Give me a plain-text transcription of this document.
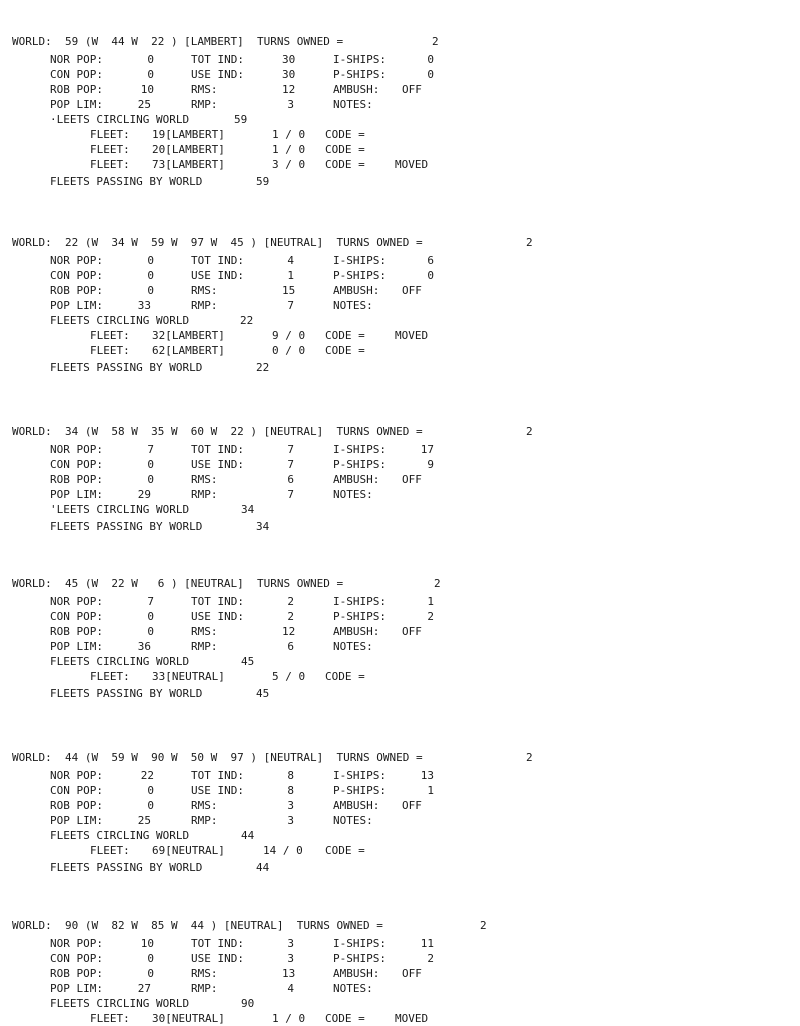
WORLD:  59 (W  44 W  22 ) [LAMBERT]  TURNS OWNED =	2
NOR POP:	0	TOT IND:	30	I-SHIPS:	0
CON POP:	0	USE IND:	30	P-SHIPS:	0
ROB POP:	10	RMS:	12	AMBUSH: OFF
POP LIM:	25	RMP:	3	NOTES:
·LEETS CIRCLING WORLD	59
FLEET: 19[LAMBERT]	1 / 0 CODE =
FLEET: 20[LAMBERT]	1 / 0 CODE =
FLEET: 73[LAMBERT]	3 / 0 CODE =	MOVED
FLEETS PASSING BY WORLD	59
WORLD:  22 (W  34 W  59 W  97 W  45 ) [NEUTRAL]  TURNS OWNED =	2
NOR POP:	0	TOT IND:	4	I-SHIPS:	6
CON POP:	0	USE IND:	1	P-SHIPS:	0
ROB POP:	0	RMS:	15	AMBUSH: OFF
POP LIM:	33	RMP:	7	NOTES:
FLEETS CIRCLING WORLD	22
FLEET: 32[LAMBERT]	9 / 0 CODE =	MOVED
FLEET: 62[LAMBERT]	0 / 0 CODE =
FLEETS PASSING BY WORLD	22
WORLD:  34 (W  58 W  35 W  60 W  22 ) [NEUTRAL]  TURNS OWNED =	2
NOR POP:	7	TOT IND:	7	I-SHIPS:	17
CON POP:	0	USE IND:	7	P-SHIPS:	9
ROB POP:	0	RMS:	6	AMBUSH: OFF
POP LIM:	29	RMP:	7	NOTES:
'LEETS CIRCLING WORLD	34
FLEETS PASSING BY WORLD	34
WORLD:  45 (W  22 W   6 ) [NEUTRAL]  TURNS OWNED =	2
NOR POP:	7	TOT IND:	2	I-SHIPS:	1
CON POP:	0	USE IND:	2	P-SHIPS:	2
ROB POP:	0	RMS:	12	AMBUSH: OFF
POP LIM:	36	RMP:	6	NOTES:
FLEETS CIRCLING WORLD	45
FLEET: 33[NEUTRAL]	5 / 0 CODE =
FLEETS PASSING BY WORLD	45
WORLD:  44 (W  59 W  90 W  50 W  97 ) [NEUTRAL]  TURNS OWNED =	2
NOR POP:	22	TOT IND:	8	I-SHIPS:	13
CON POP:	0	USE IND:	8	P-SHIPS:	1
ROB POP:	0	RMS:	3	AMBUSH: OFF
POP LIM:	25	RMP:	3	NOTES:
FLEETS CIRCLING WORLD	44
FLEET: 69[NEUTRAL]	14 / 0 CODE =
FLEETS PASSING BY WORLD	44
WORLD:  90 (W  82 W  85 W  44 ) [NEUTRAL]  TURNS OWNED =	2
NOR POP:	10	TOT IND:	3	I-SHIPS:	11
CON POP:	0	USE IND:	3	P-SHIPS:	2
ROB POP:	0	RMS:	13	AMBUSH: OFF
POP LIM:	27	RMP:	4	NOTES:
FLEETS CIRCLING WORLD	90
FLEET: 30[NEUTRAL]	1 / 0 CODE =	MOVED
